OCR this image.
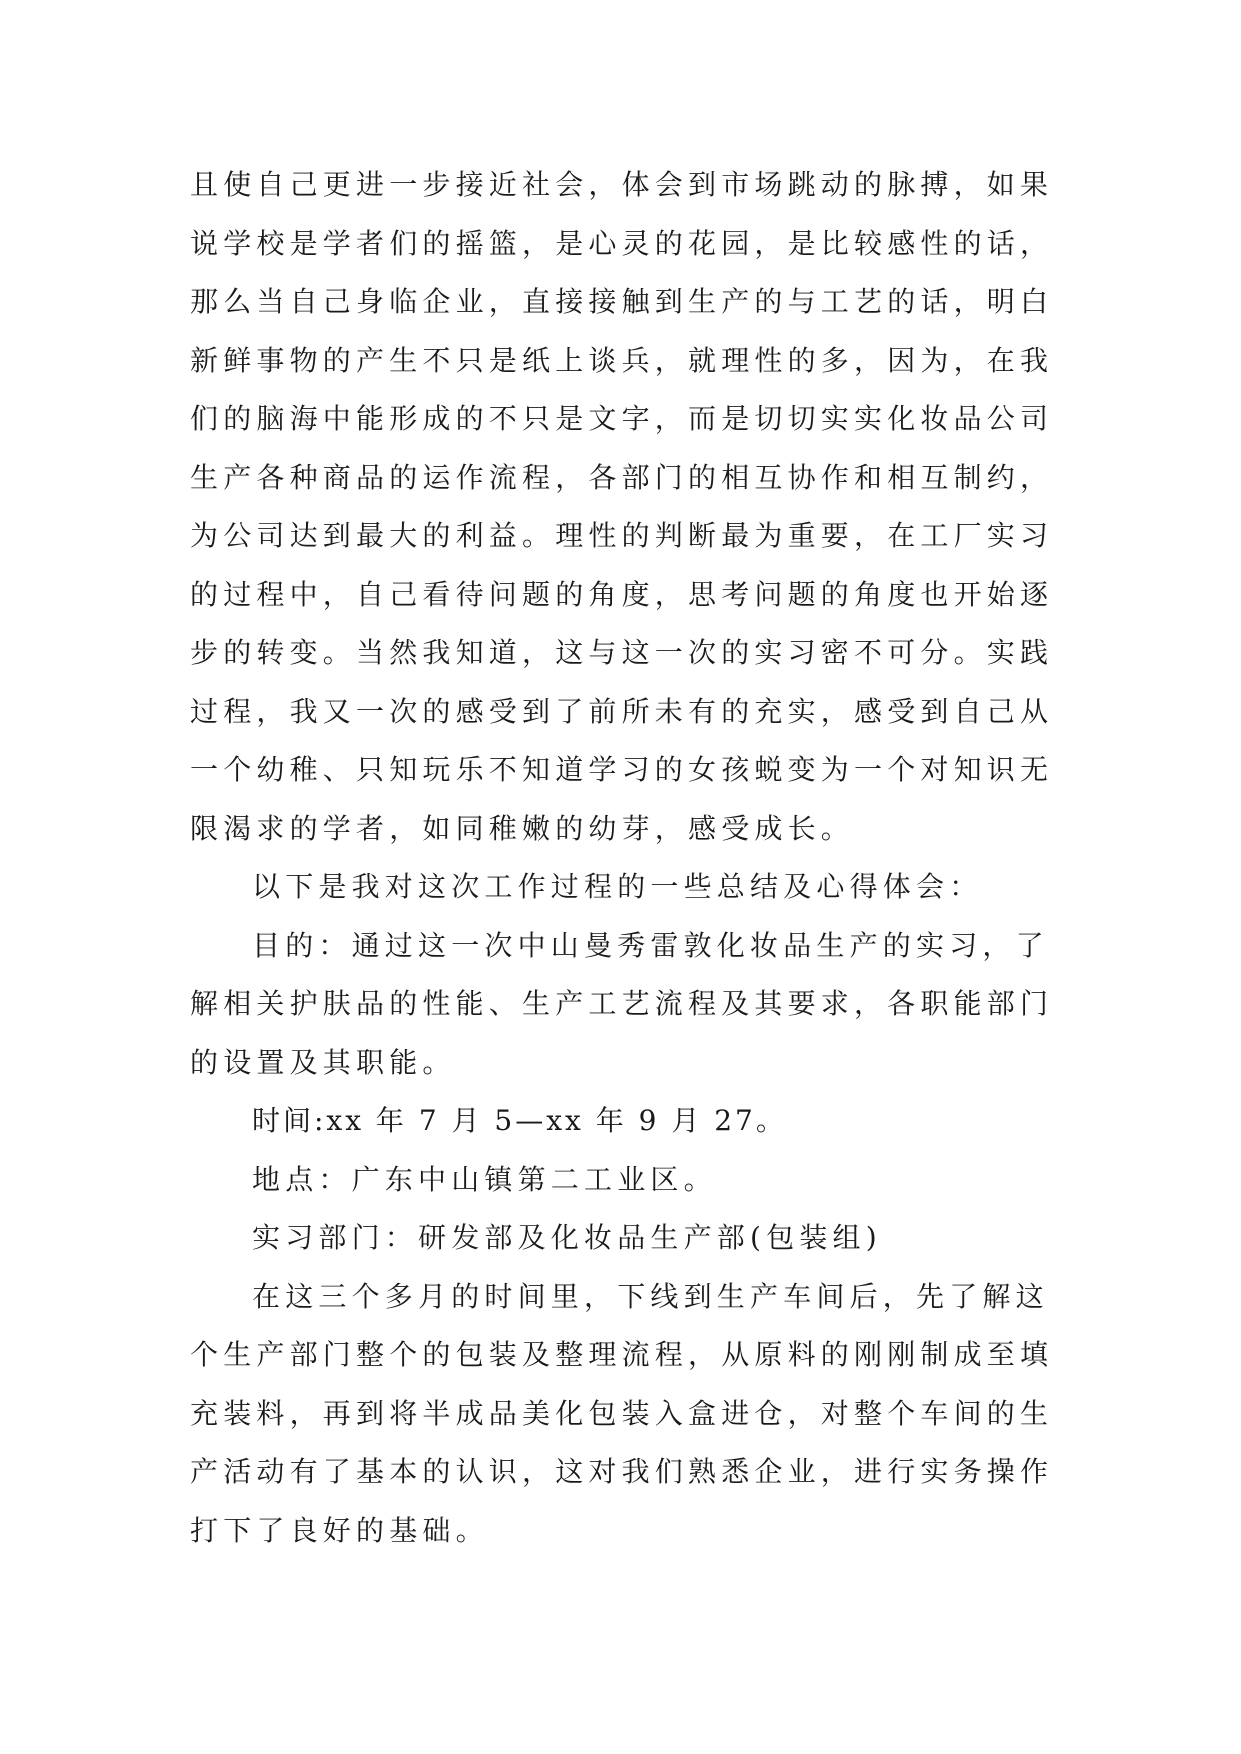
且使自己更进一步接近社会，体会到市场跳动的脉搏，如果
说学校是学者们的摇篮，是心灵的花园，是比较感性的话，
那么当自己身临企业，直接接触到生产的与工艺的话，明白
新鲜事物的产生不只是纸上谈兵，就理性的多，因为，在我
们的脑海中能形成的不只是文字，而是切切实实化妆品公司
生产各种商品的运作流程，各部门的相互协作和相互制约，
为公司达到最大的利益。理性的判断最为重要，在工厂实习
的过程中，自己看待问题的角度，思考问题的角度也开始逐
步的转变。当然我知道，这与这一次的实习密不可分。实践
过程，我又一次的感受到了前所未有的充实，感受到自己从
一个幼稚、只知玩乐不知道学习的女孩蜕变为一个对知识无
限渴求的学者，如同稚嫩的幼芽，感受成长。
以下是我对这次工作过程的一些总结及心得体会：
目的：通过这一次中山曼秀雷敦化妆品生产的实习，了
解相关护肤品的性能、生产工艺流程及其要求，各职能部门
的设置及其职能。
时间:xx 年 7 月 5—xx 年 9 月 27。
地点：广东中山镇第二工业区。
实习部门：研发部及化妆品生产部(包装组)
在这三个多月的时间里，下线到生产车间后，先了解这
个生产部门整个的包装及整理流程，从原料的刚刚制成至填
充装料，再到将半成品美化包装入盒进仓，对整个车间的生
产活动有了基本的认识，这对我们熟悉企业，进行实务操作
打下了良好的基础。
